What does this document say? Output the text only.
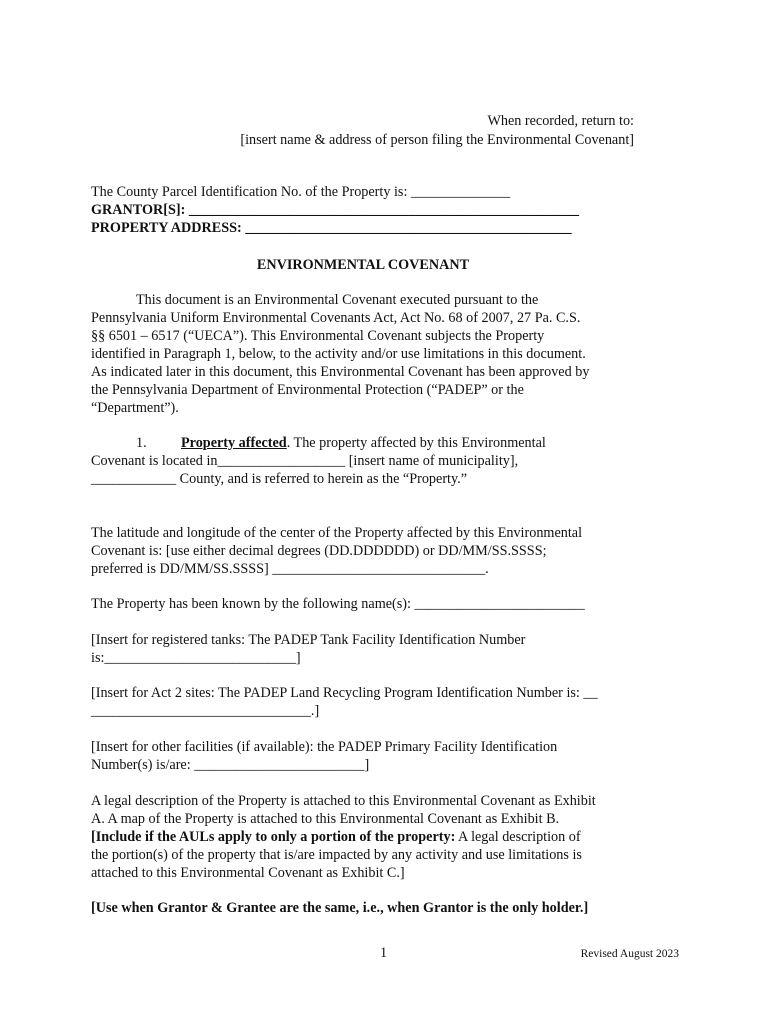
When recorded, return to:
[insert name & address of person filing the Environmental Covenant]
The County Parcel Identification No. of the Property is: ______________
GRANTOR[S]: _______________________________________________________
PROPERTY ADDRESS: ______________________________________________
ENVIRONMENTAL COVENANT
This document is an Environmental Covenant executed pursuant to the
Pennsylvania Uniform Environmental Covenants Act, Act No. 68 of 2007, 27 Pa. C.S.
§§ 6501 – 6517 (“UECA”). This Environmental Covenant subjects the Property
identified in Paragraph 1, below, to the activity and/or use limitations in this document.
As indicated later in this document, this Environmental Covenant has been approved by
the Pennsylvania Department of Environmental Protection (“PADEP” or the
“Department”).
1. Property affected. The property affected by this Environmental
Covenant is located in__________________ [insert name of municipality],
____________ County, and is referred to herein as the “Property.”
The latitude and longitude of the center of the Property affected by this Environmental
Covenant is: [use either decimal degrees (DD.DDDDDD) or DD/MM/SS.SSSS;
preferred is DD/MM/SS.SSSS] ______________________________.
The Property has been known by the following name(s): ________________________
[Insert for registered tanks: The PADEP Tank Facility Identification Number
is:___________________________]
[Insert for Act 2 sites: The PADEP Land Recycling Program Identification Number is: __
_______________________________.]
[Insert for other facilities (if available): the PADEP Primary Facility Identification
Number(s) is/are: ________________________]
A legal description of the Property is attached to this Environmental Covenant as Exhibit
A. A map of the Property is attached to this Environmental Covenant as Exhibit B.
[Include if the AULs apply to only a portion of the property: A legal description of
the portion(s) of the property that is/are impacted by any activity and use limitations is
attached to this Environmental Covenant as Exhibit C.]
[Use when Grantor & Grantee are the same, i.e., when Grantor is the only holder.]
1	Revised August 2023
